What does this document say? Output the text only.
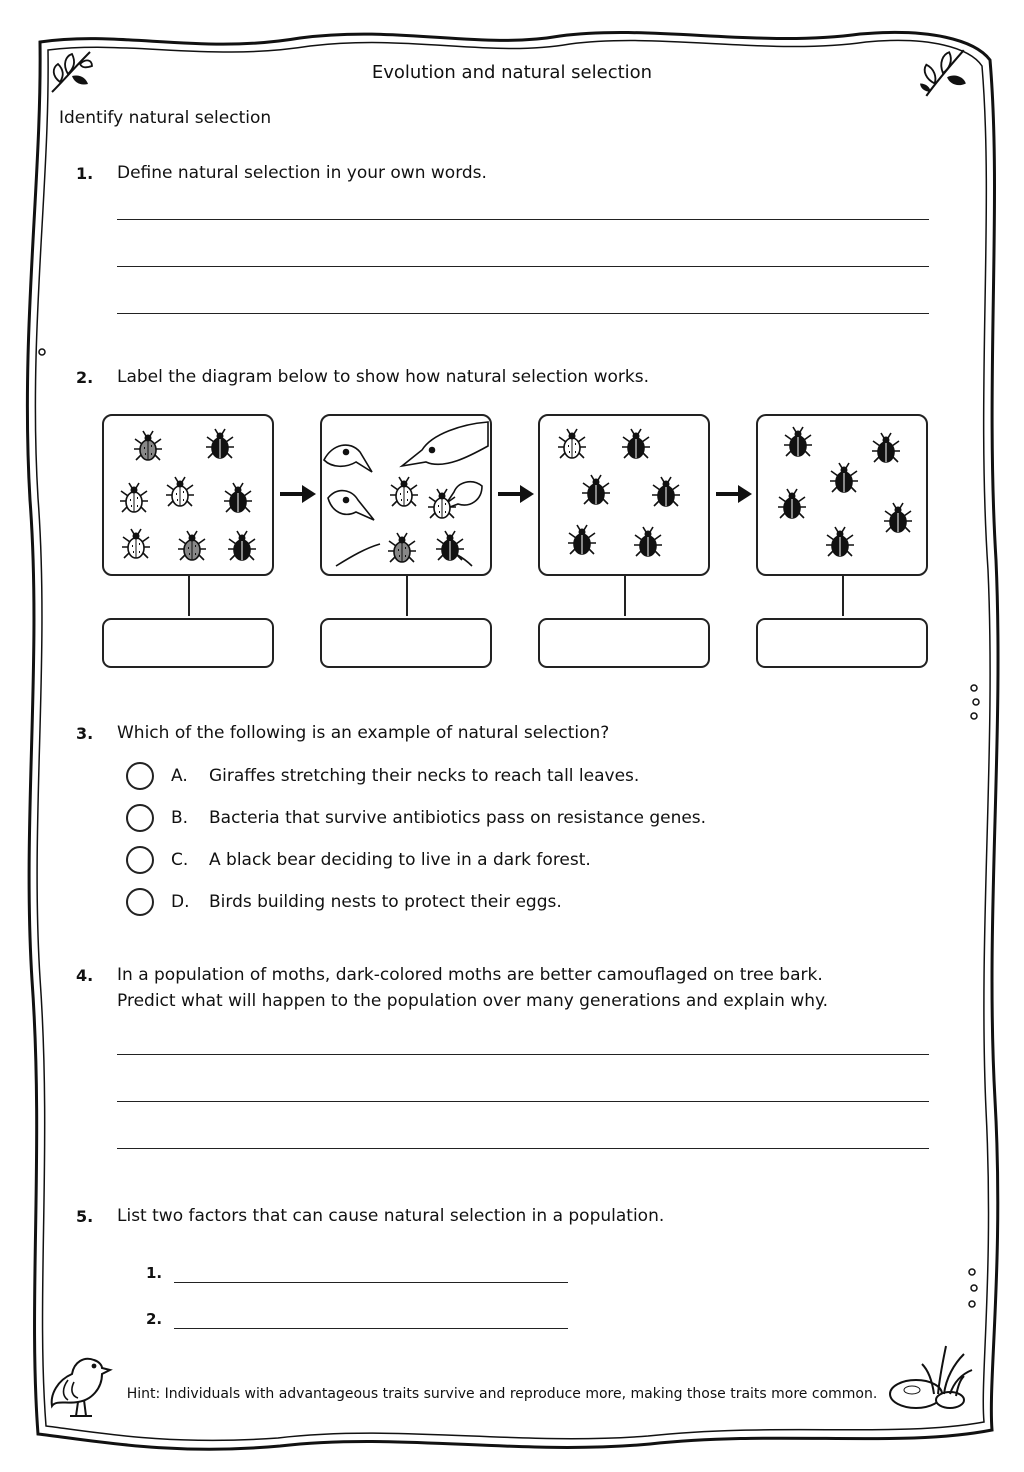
Evolution and natural selection
Identify natural selection
1. Define natural selection in your own words.
2. Label the diagram below to show how natural selection works.
3. Which of the following is an example of natural selection?
A.	Giraffes stretching their necks to reach tall leaves.
B.	Bacteria that survive antibiotics pass on resistance genes.
C.	A black bear deciding to live in a dark forest.
D.	Birds building nests to protect their eggs.
4. In a population of moths, dark-colored moths are better camouflaged on tree bark.
Predict what will happen to the population over many generations and explain why.
5. List two factors that can cause natural selection in a population.
1.
2.
Hint: Individuals with advantageous traits survive and reproduce more, making those traits more common.
